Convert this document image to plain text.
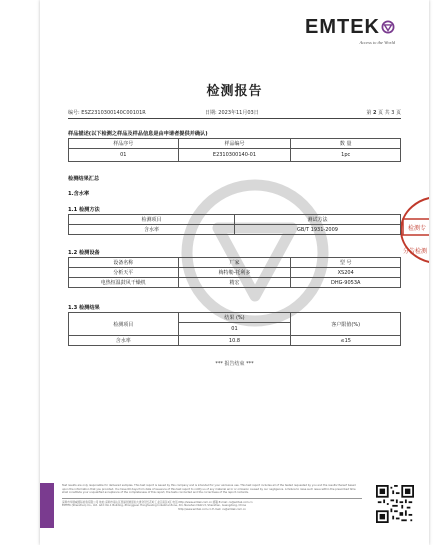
检测专
分告检测
EMTEK
Access to the World
检测报告
编号: ESZ2310300140C00101R	日期: 2023年11月03日	第 2 页 共 3 页
样品描述(以下检测之样品及样品信息是由申请者提供并确认)
样品序号	样品编号	数 量
01	E2310300140-01	1pc
检测结果汇总
1.含水率
1.1 检测方法
检测项目	测试方法
含水率	GB/T 1931-2009
1.2 检测设备
设备名称	厂家	型 号
分析天平	梅特勒-托利多	XS204
电热恒温鼓风干燥机	精宏	DHG-9053A
1.3 检测结果
检测项目	结果 (%)	客户限值(%)
	01	
含水率	10.8	≤15
*** 报告结束 ***
Test results are only responsible for delivered samples. This test report is issued by this company and is intended for your exclusive use. This test report includes all of the tested requested by you and the results thereof based upon the information that you provided. You have 60 days from date of issuance of this test report to notify us of any material error or omission caused by our negligence. A failure to raise such issue within the prescribed time shall constitute your unqualified acceptance of the completeness of this report, the tests conducted and the correctness of the report contents.
深圳市华通威国际检验有限公司 地址:深圳市南山区西丽街道留仙大道众冠红花岭工业区南区2区 电话:http://www.emtek.com.cn 邮箱:E-mail: cs@emtek.com.cn
EMTEK (Shenzhen) Co., Ltd. Add: No.1 Building, Zhongguan Honghualing Industrial Zone, Xili, Nanshan District, Shenzhen, Guangdong, China
http://www.emtek.com.cn E-mail: cs@emtek.com.cn
